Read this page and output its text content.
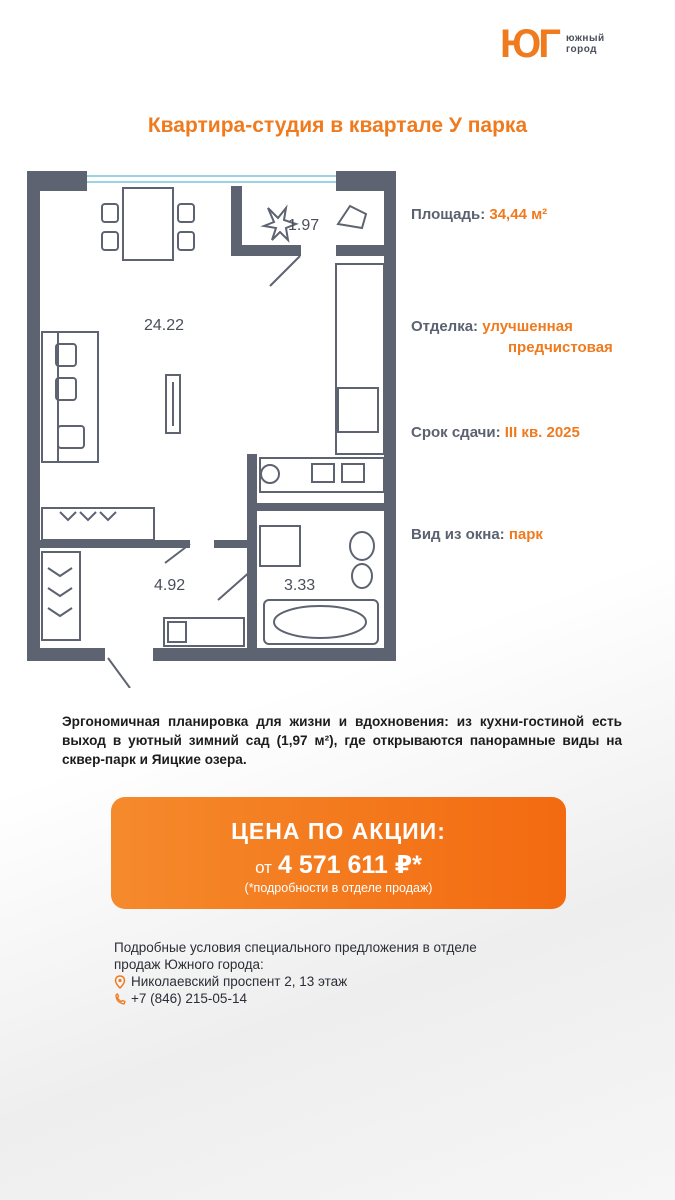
ЮГ южный
город
Квартира-студия в квартале У парка
24.22
1.97
4.92	3.33
Площадь: 34,44 м²
Отделка: улучшенная
предчистовая
Срок сдачи: III кв. 2025
Вид из окна: парк
Эргономичная планировка для жизни и вдохновения: из кухни-гостиной есть выход в уютный зимний сад (1,97 м²), где открываются панорамные виды на сквер-парк и Яицкие озера.
ЦЕНА ПО АКЦИИ:
от 4 571 611 ₽*
(*подробности в отделе продаж)
Подробные условия специального предложения в отделе
продаж Южного города:
Николаевский проспент 2, 13 этаж
+7 (846) 215-05-14
